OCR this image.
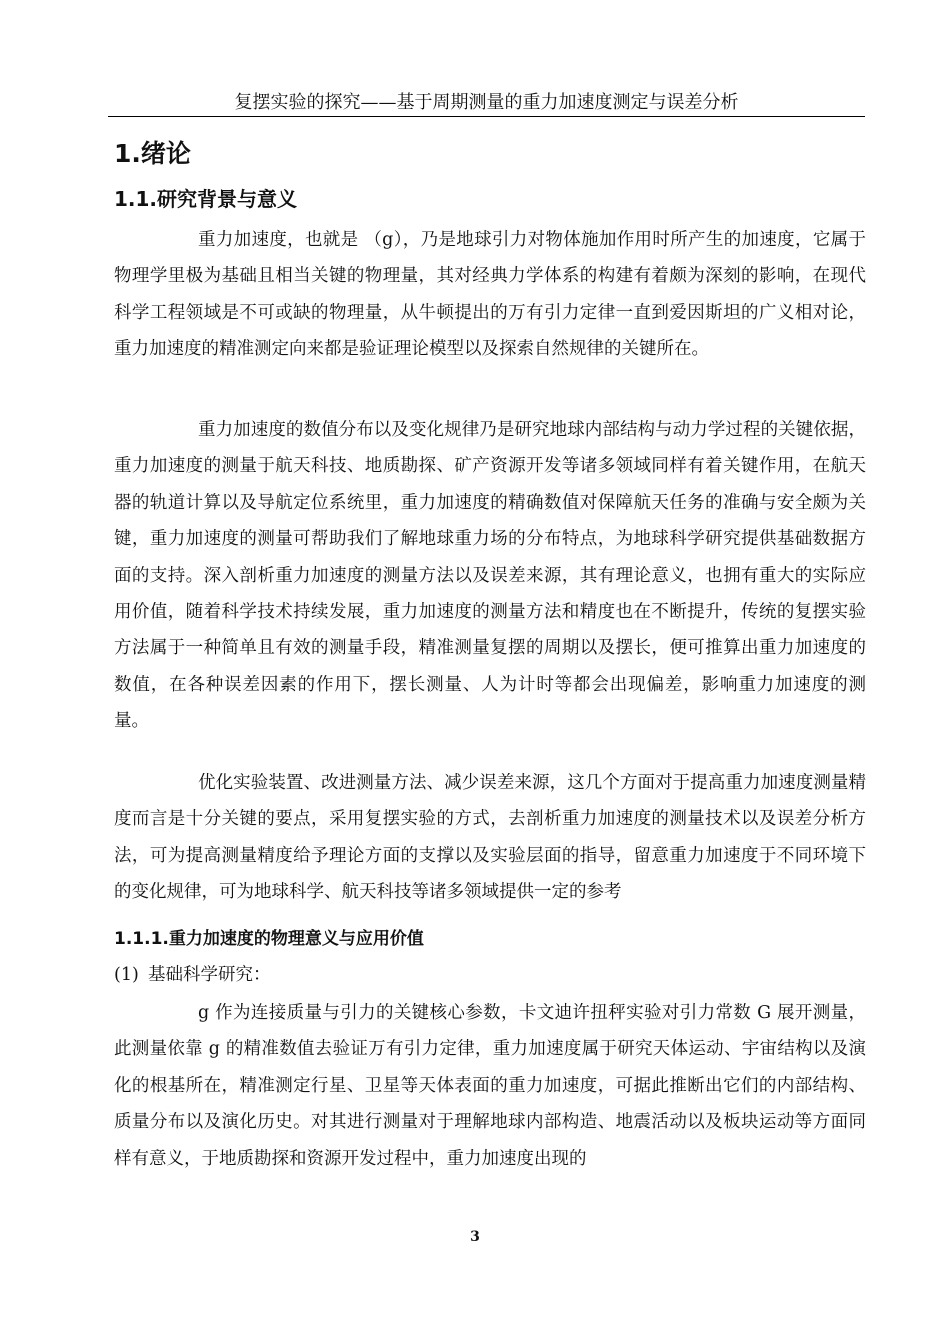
复摆实验的探究——基于周期测量的重力加速度测定与误差分析
1.绪论
1.1.研究背景与意义

重力加速度，也就是 （g），乃是地球引力对物体施加作用时所产生的加速度，它属于物理学里极为基础且相当关键的物理量，其对经典力学体系的构建有着颇为深刻的影响，在现代科学工程领域是不可或缺的物理量，从牛顿提出的万有引力定律一直到爱因斯坦的广义相对论，重力加速度的精准测定向来都是验证理论模型以及探索自然规律的关键所在。

重力加速度的数值分布以及变化规律乃是研究地球内部结构与动力学过程的关键依据，重力加速度的测量于航天科技、地质勘探、矿产资源开发等诸多领域同样有着关键作用，在航天器的轨道计算以及导航定位系统里，重力加速度的精确数值对保障航天任务的准确与安全颇为关键，重力加速度的测量可帮助我们了解地球重力场的分布特点，为地球科学研究提供基础数据方面的支持。深入剖析重力加速度的测量方法以及误差来源，其有理论意义，也拥有重大的实际应用价值，随着科学技术持续发展，重力加速度的测量方法和精度也在不断提升，传统的复摆实验方法属于一种简单且有效的测量手段，精准测量复摆的周期以及摆长，便可推算出重力加速度的数值，在各种误差因素的作用下，摆长测量、人为计时等都会出现偏差，影响重力加速度的测量。

优化实验装置、改进测量方法、减少误差来源，这几个方面对于提高重力加速度测量精度而言是十分关键的要点，采用复摆实验的方式，去剖析重力加速度的测量技术以及误差分析方法，可为提高测量精度给予理论方面的支撑以及实验层面的指导，留意重力加速度于不同环境下的变化规律，可为地球科学、航天科技等诸多领域提供一定的参考

1.1.1.重力加速度的物理意义与应用价值
(1) 基础科学研究：

g 作为连接质量与引力的关键核心参数，卡文迪许扭秤实验对引力常数 G 展开测量，此测量依靠 g 的精准数值去验证万有引力定律，重力加速度属于研究天体运动、宇宙结构以及演化的根基所在，精准测定行星、卫星等天体表面的重力加速度，可据此推断出它们的内部结构、质量分布以及演化历史。对其进行测量对于理解地球内部构造、地震活动以及板块运动等方面同样有意义，于地质勘探和资源开发过程中，重力加速度出现的

3
